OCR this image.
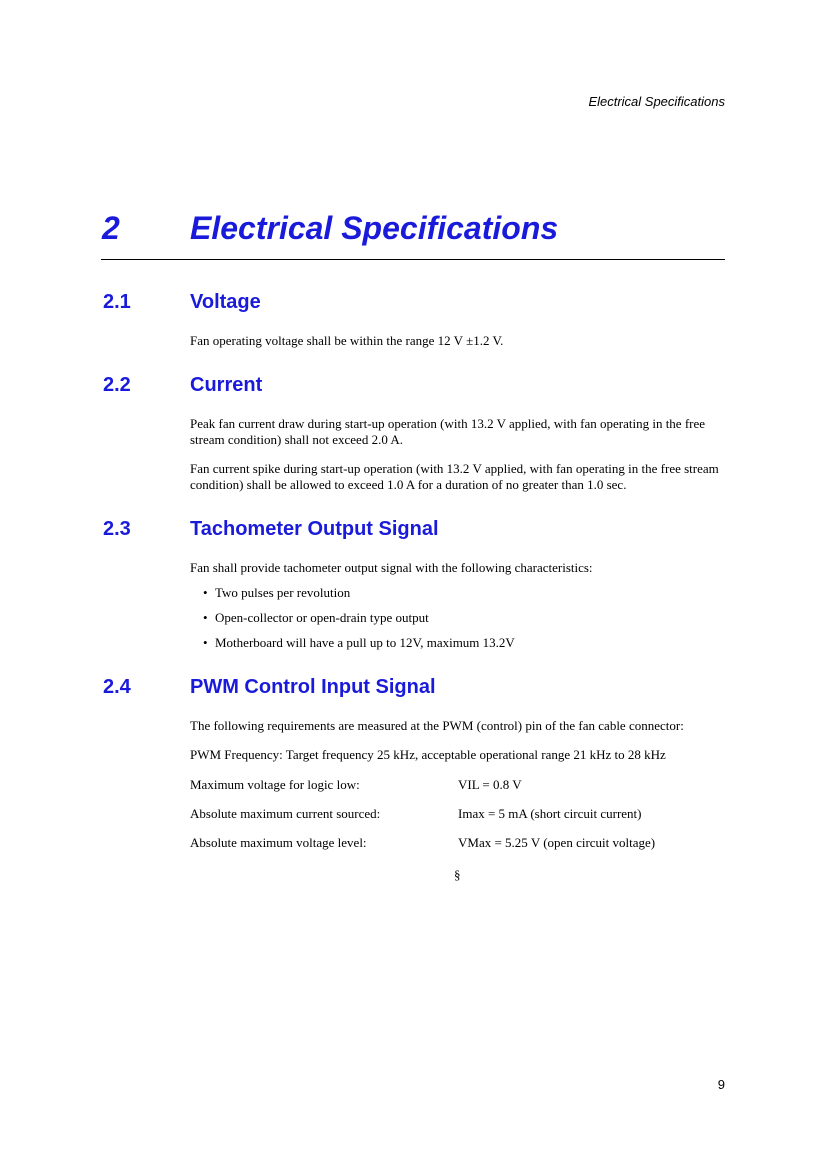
Electrical Specifications
2 Electrical Specifications
2.1	Voltage
Fan operating voltage shall be within the range 12 V ±1.2 V.
2.2	Current
Peak fan current draw during start-up operation (with 13.2 V applied, with fan operating in the free stream condition) shall not exceed 2.0 A.
Fan current spike during start-up operation (with 13.2 V applied, with fan operating in the free stream condition) shall be allowed to exceed 1.0 A for a duration of no greater than 1.0 sec.
2.3	Tachometer Output Signal
Fan shall provide tachometer output signal with the following characteristics:
• Two pulses per revolution
• Open-collector or open-drain type output
• Motherboard will have a pull up to 12V, maximum 13.2V
2.4	PWM Control Input Signal
The following requirements are measured at the PWM (control) pin of the fan cable connector:
PWM Frequency: Target frequency 25 kHz, acceptable operational range 21 kHz to 28 kHz
Maximum voltage for logic low:	VIL = 0.8 V
Absolute maximum current sourced:	Imax = 5 mA (short circuit current)
Absolute maximum voltage level:	VMax = 5.25 V (open circuit voltage)
§
9
